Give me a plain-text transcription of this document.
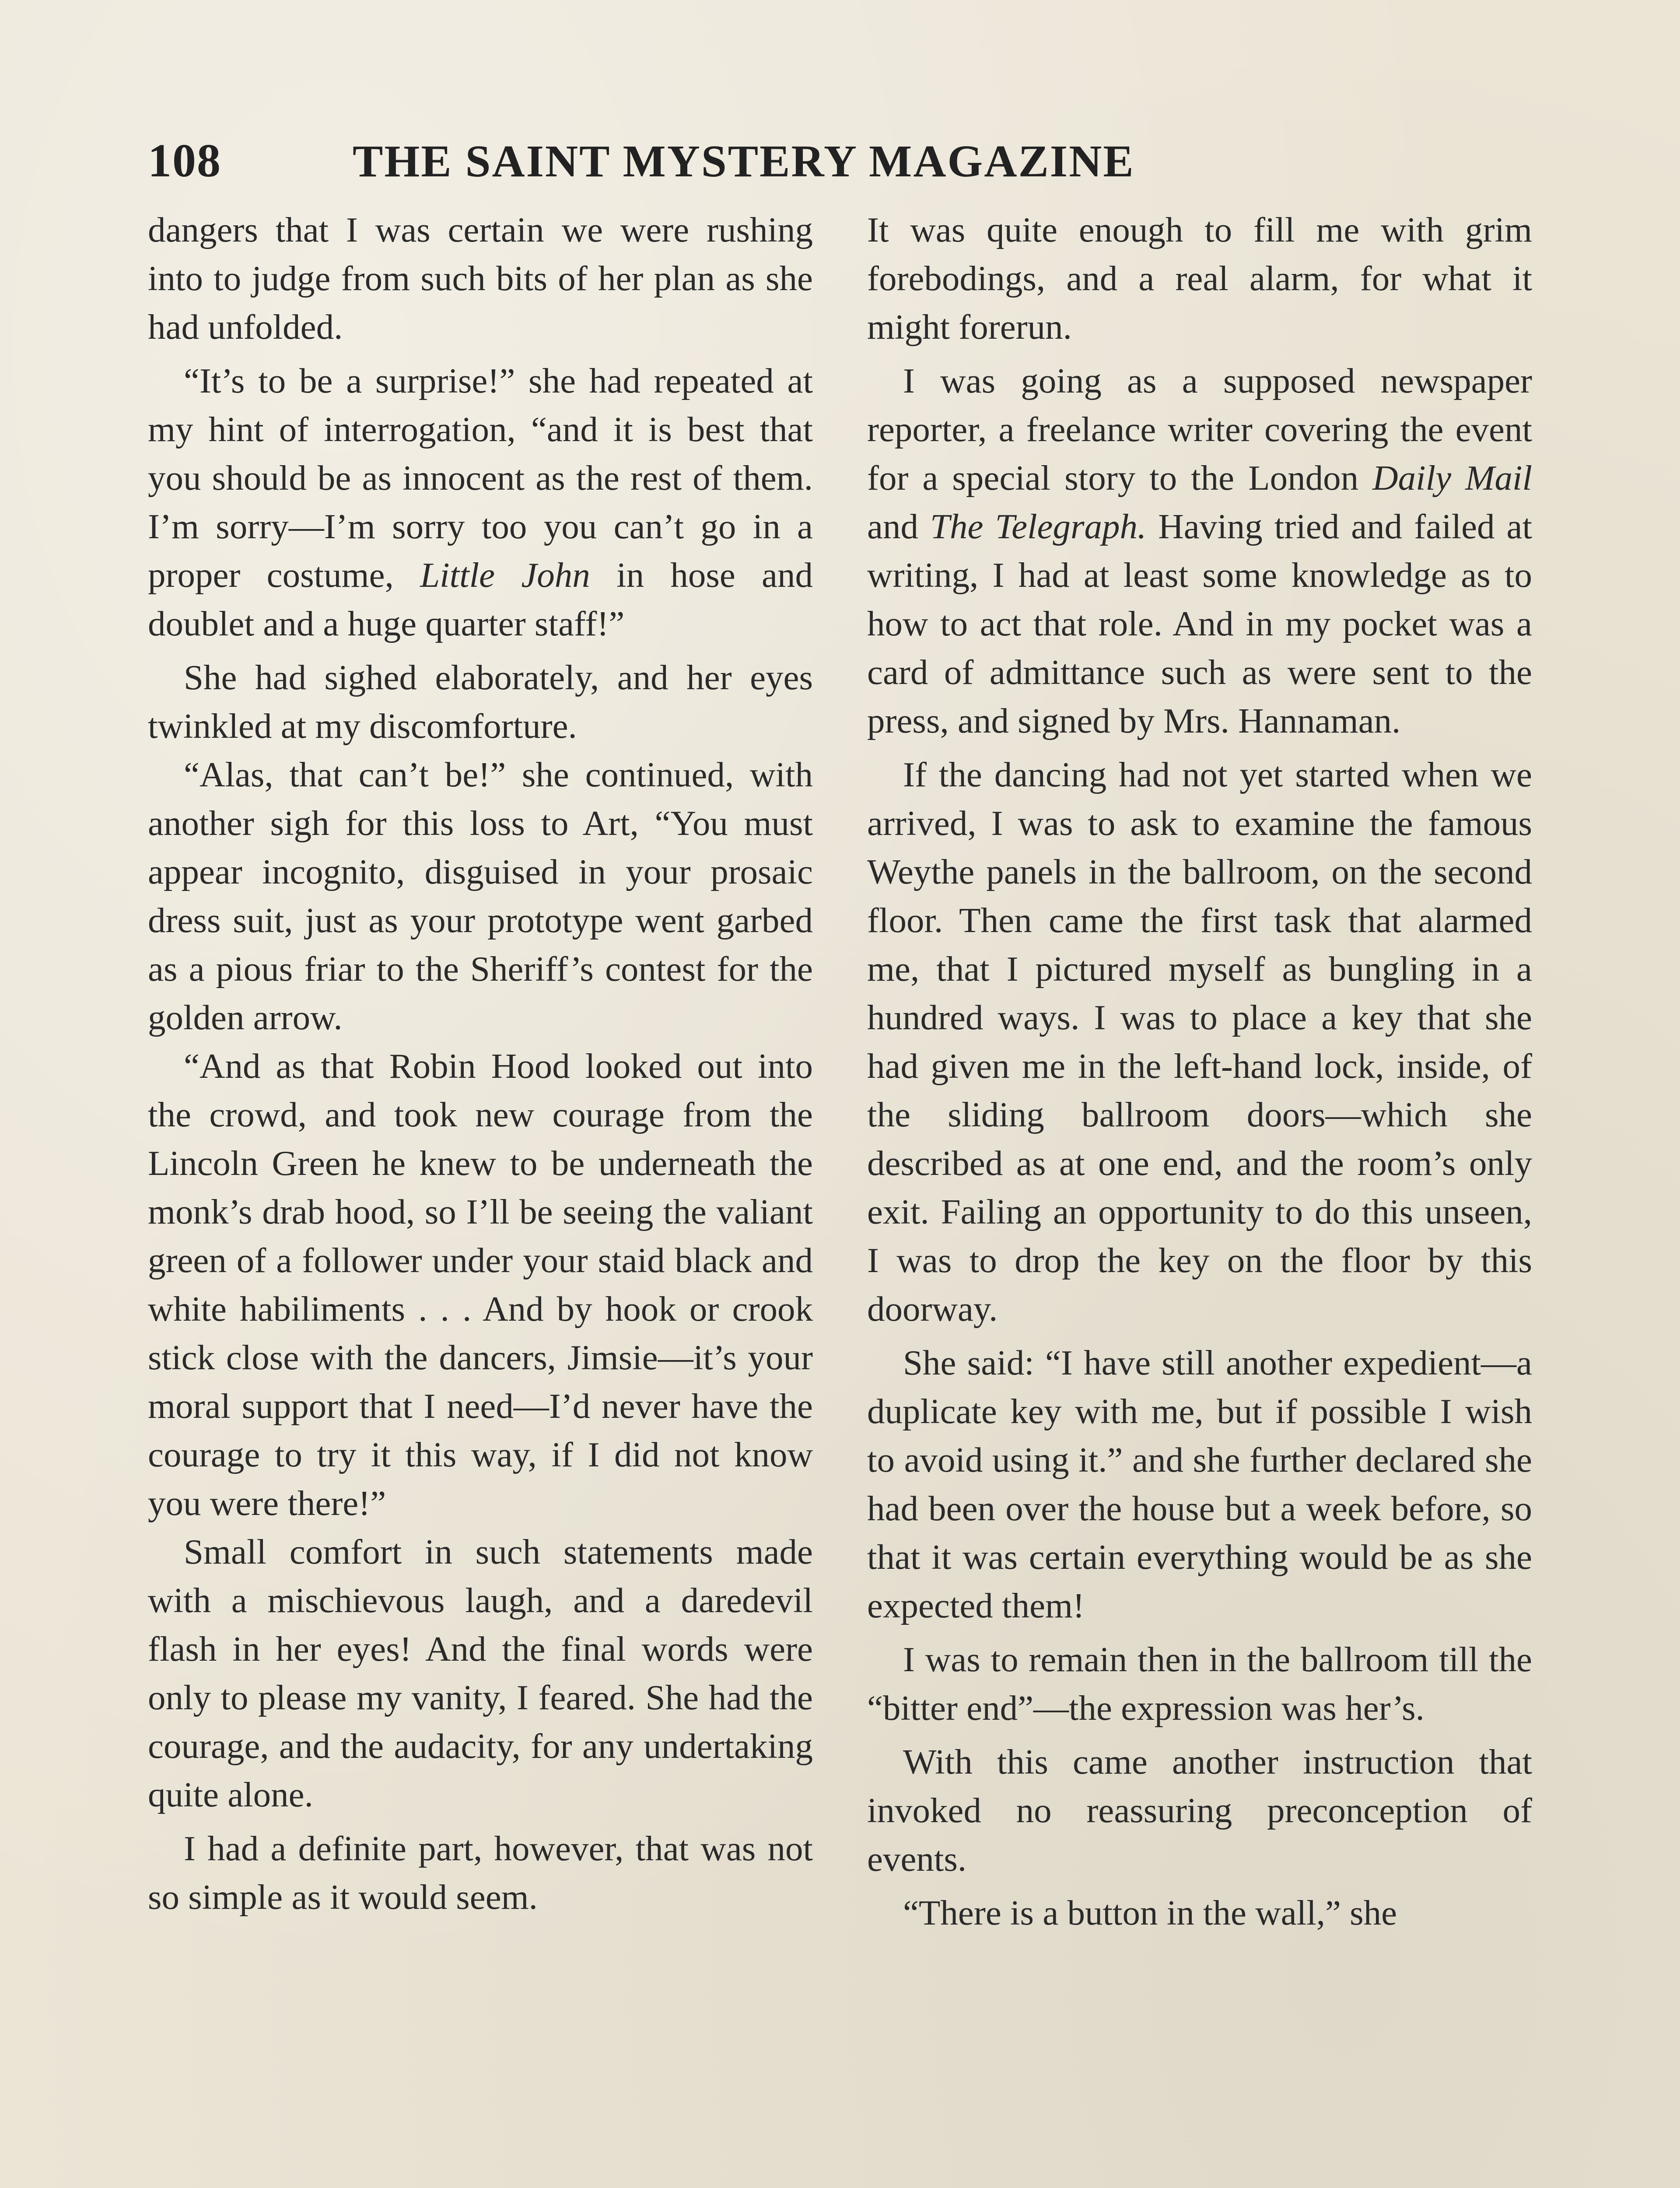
108	THE SAINT MYSTERY MAGAZINE

dangers that I was certain we were rushing into to judge from such bits of her plan as she had unfolded.

“It’s to be a surprise!” she had repeated at my hint of interrogation, “and it is best that you should be as innocent as the rest of them. I’m sorry—I’m sorry too you can’t go in a proper costume, Little John in hose and doublet and a huge quarter staff!”

She had sighed elaborately, and her eyes twinkled at my discomforture.

“Alas, that can’t be!” she continued, with another sigh for this loss to Art, “You must appear incognito, disguised in your prosaic dress suit, just as your prototype went garbed as a pious friar to the Sheriff’s contest for the golden arrow.

“And as that Robin Hood looked out into the crowd, and took new courage from the Lincoln Green he knew to be underneath the monk’s drab hood, so I’ll be seeing the valiant green of a follower under your staid black and white habiliments . . . And by hook or crook stick close with the dancers, Jimsie—it’s your moral support that I need—I’d never have the courage to try it this way, if I did not know you were there!”

Small comfort in such statements made with a mischievous laugh, and a daredevil flash in her eyes! And the final words were only to please my vanity, I feared. She had the courage, and the audacity, for any undertaking quite alone.

I had a definite part, however, that was not so simple as it would seem.

It was quite enough to fill me with grim forebodings, and a real alarm, for what it might forerun.

I was going as a supposed newspaper reporter, a freelance writer covering the event for a special story to the London Daily Mail and The Telegraph. Having tried and failed at writing, I had at least some knowledge as to how to act that role. And in my pocket was a card of admittance such as were sent to the press, and signed by Mrs. Hannaman.

If the dancing had not yet started when we arrived, I was to ask to examine the famous Weythe panels in the ballroom, on the second floor. Then came the first task that alarmed me, that I pictured myself as bungling in a hundred ways. I was to place a key that she had given me in the left-hand lock, inside, of the sliding ballroom doors—which she described as at one end, and the room’s only exit. Failing an opportunity to do this unseen, I was to drop the key on the floor by this doorway.

She said: “I have still another expedient—a duplicate key with me, but if possible I wish to avoid using it.” and she further declared she had been over the house but a week before, so that it was certain everything would be as she expected them!

I was to remain then in the ballroom till the “bitter end”—the expression was her’s.

With this came another instruction that invoked no reassuring preconception of events.

“There is a button in the wall,” she
